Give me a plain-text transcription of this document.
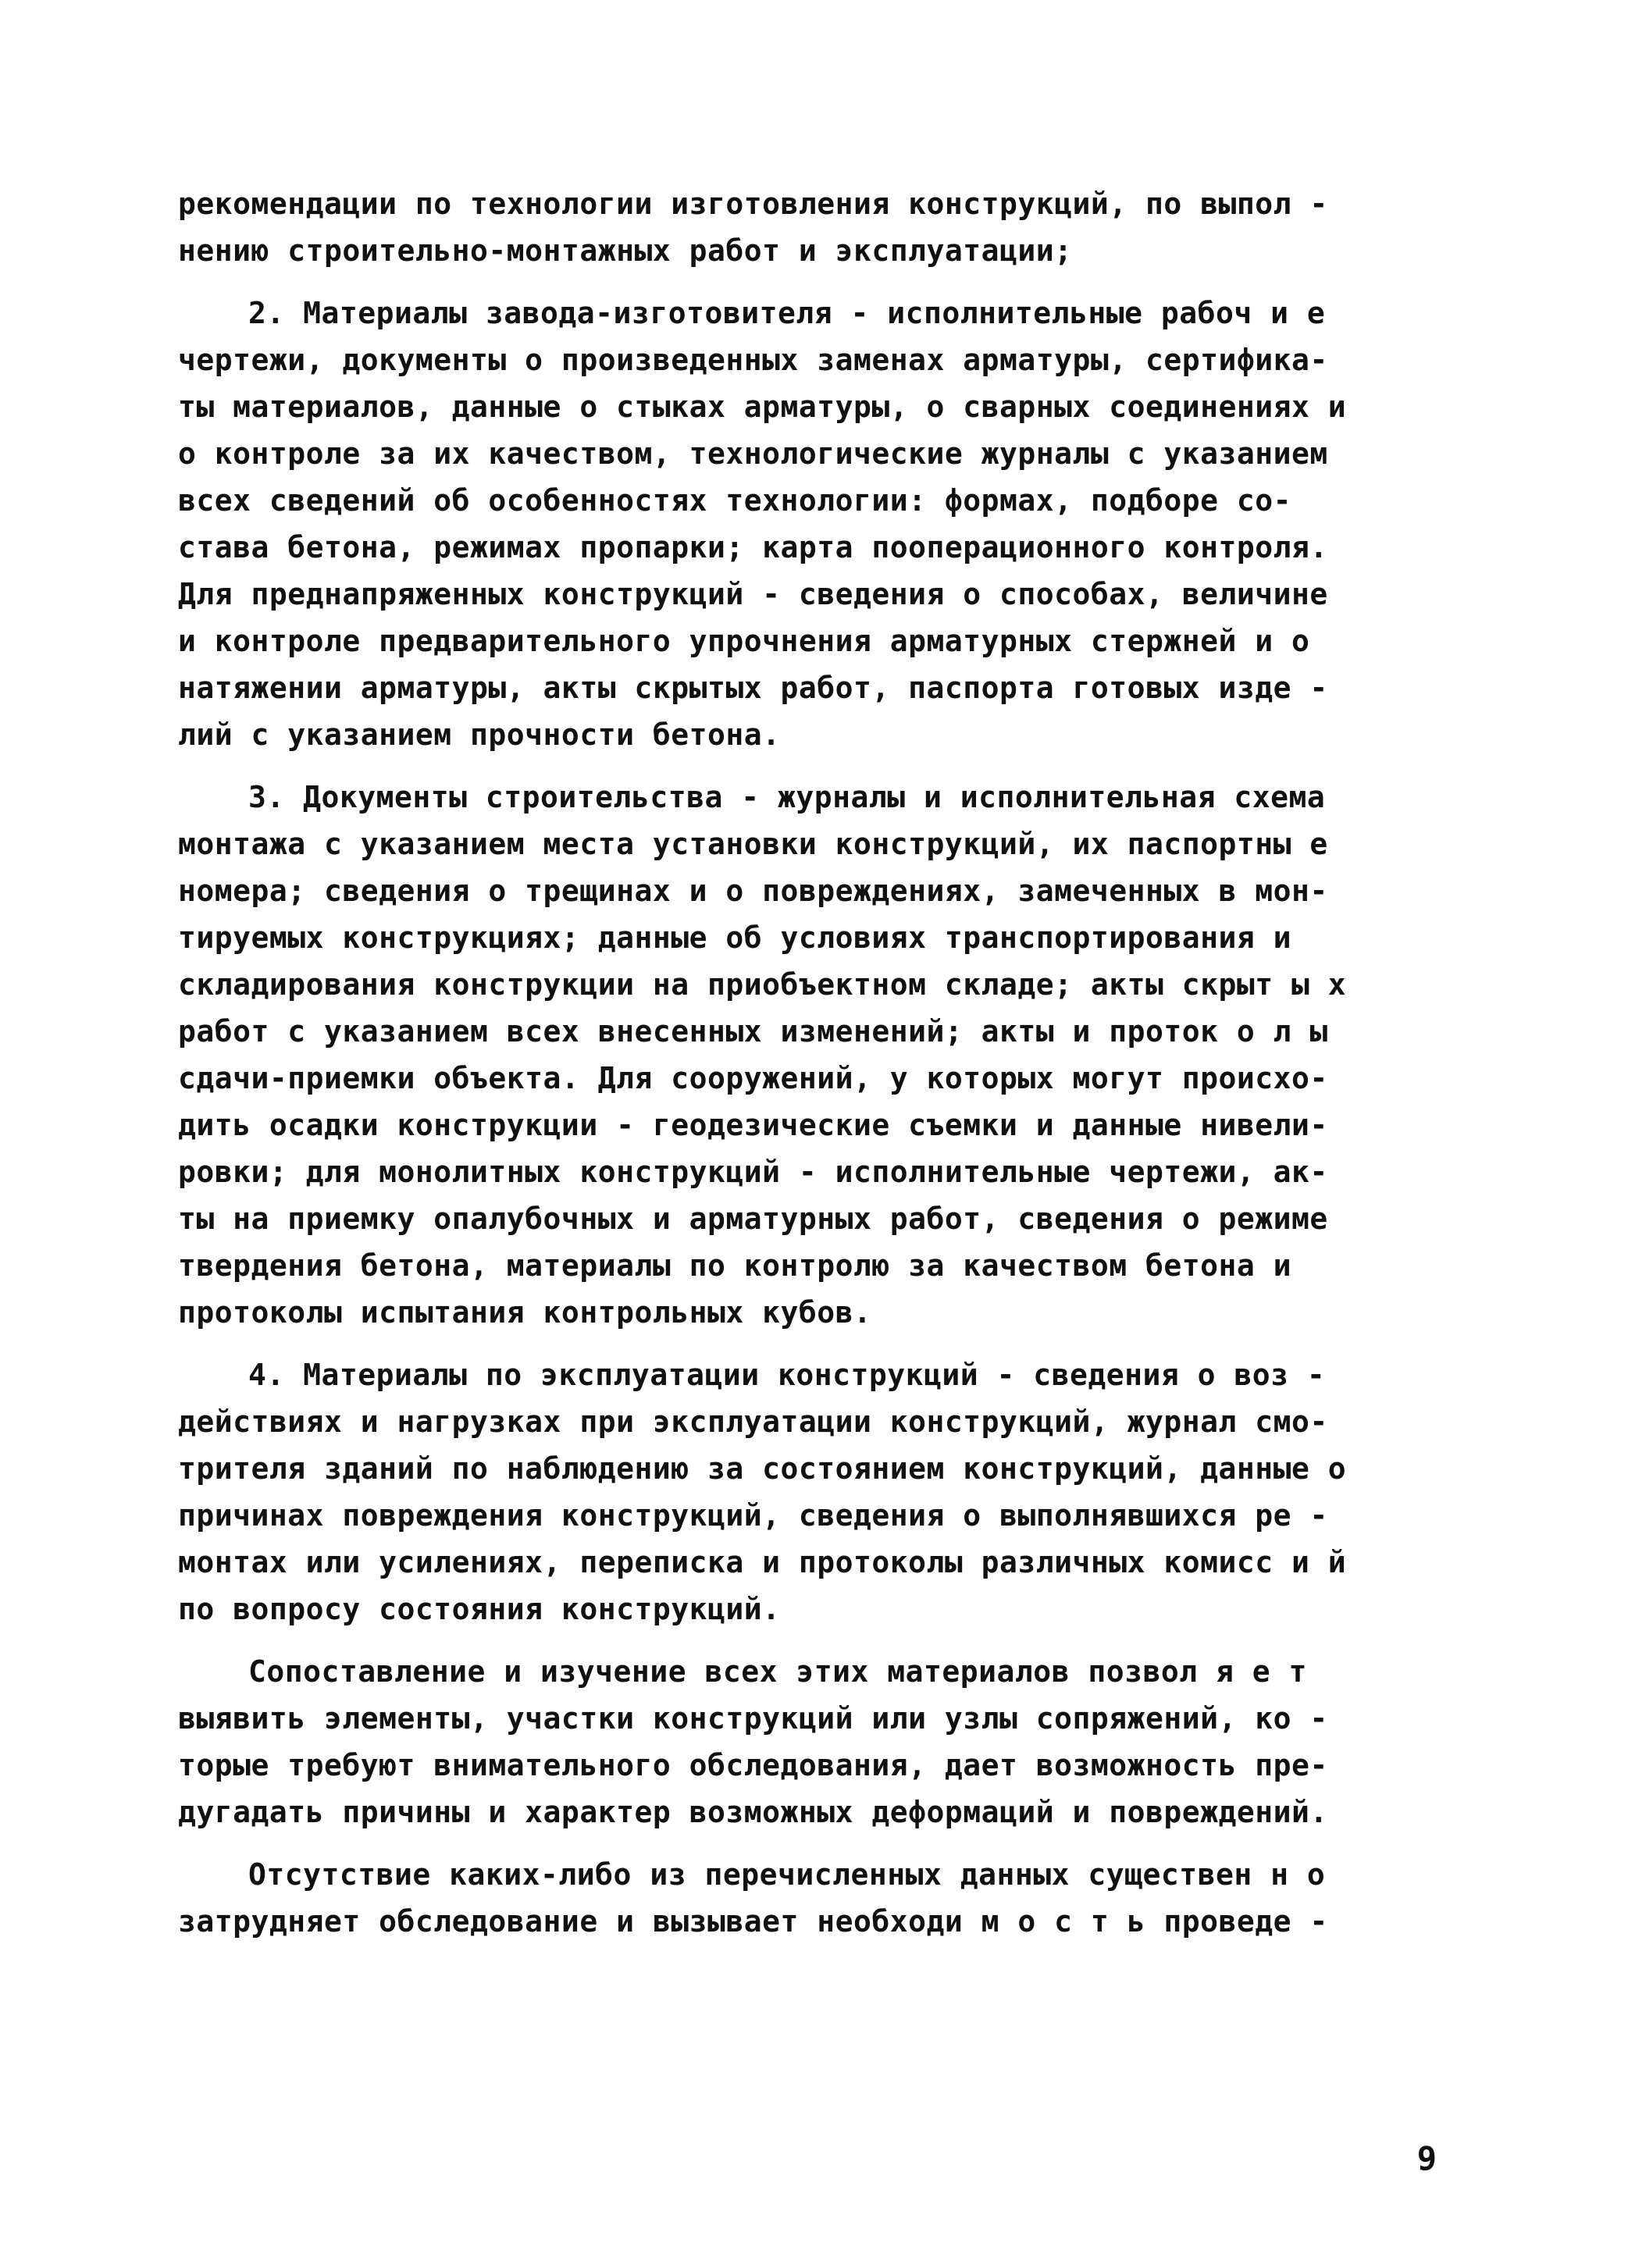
рекомендации по технологии изготовления конструкций, по выпол -
нению строительно-монтажных работ и эксплуатации;
2. Материалы завода-изготовителя - исполнительные рабоч и е
чертежи, документы о произведенных заменах арматуры, сертифика-
ты материалов, данные о стыках арматуры, о сварных соединениях и
о контроле за их качеством, технологические журналы с указанием
всех сведений об особенностях технологии: формах, подборе со-
става бетона, режимах пропарки; карта пооперационного контроля.
Для преднапряженных конструкций - сведения о способах, величине
и контроле предварительного упрочнения арматурных стержней и о
натяжении арматуры, акты скрытых работ, паспорта готовых изде -
лий с указанием прочности бетона.
3. Документы строительства - журналы и исполнительная схема
монтажа с указанием места установки конструкций, их паспортны е
номера; сведения о трещинах и о повреждениях, замеченных в мон-
тируемых конструкциях; данные об условиях транспортирования и
складирования конструкции на приобъектном складе; акты скрыт ы х
работ с указанием всех внесенных изменений; акты и проток о л ы
сдачи-приемки объекта. Для сооружений, у которых могут происхо-
дить осадки конструкции - геодезические съемки и данные нивели-
ровки; для монолитных конструкций - исполнительные чертежи, ак-
ты на приемку опалубочных и арматурных работ, сведения о режиме
твердения бетона, материалы по контролю за качеством бетона и
протоколы испытания контрольных кубов.
4. Материалы по эксплуатации конструкций - сведения о воз -
действиях и нагрузках при эксплуатации конструкций, журнал смо-
трителя зданий по наблюдению за состоянием конструкций, данные о
причинах повреждения конструкций, сведения о выполнявшихся ре -
монтах или усилениях, переписка и протоколы различных комисс и й
по вопросу состояния конструкций.
Сопоставление и изучение всех этих материалов позвол я е т
выявить элементы, участки конструкций или узлы сопряжений, ко -
торые требуют внимательного обследования, дает возможность пре-
дугадать причины и характер возможных деформаций и повреждений.
Отсутствие каких-либо из перечисленных данных существен н о
затрудняет обследование и вызывает необходи м о с т ь проведе -
9
